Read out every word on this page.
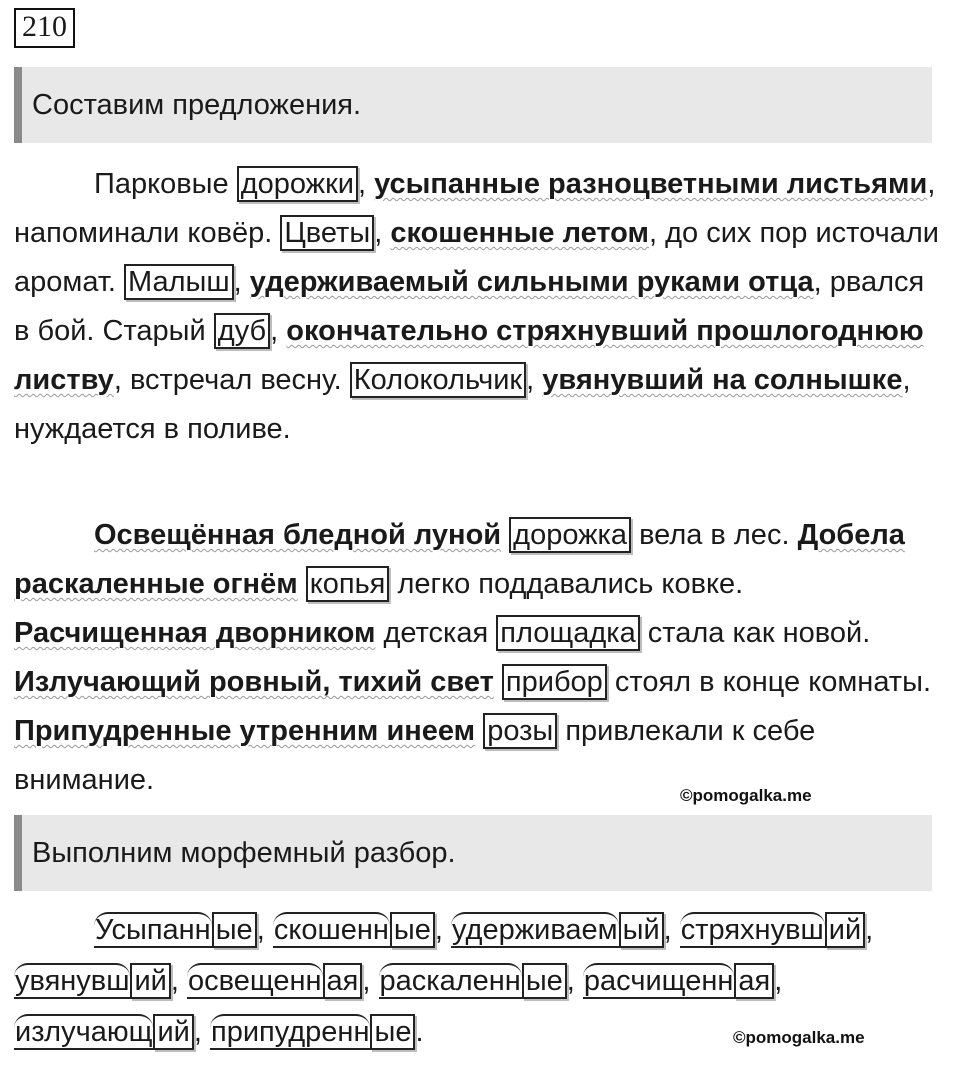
210
Составим предложения.

Парковые дорожки , усыпанные разноцветными листьями, напоминали ковёр. Цветы , скошенные летом, до сих пор источали аромат. Малыш , удерживаемый сильными руками отца, рвался в бой. Старый дуб , окончательно стряхнувший прошлогоднюю листву, встречал весну. Колокольчик , увянувший на солнышке, нуждается в поливе.

Освещённая бледной луной дорожка вела в лес. Добела раскаленные огнём копья легко поддавались ковке. Расчищенная дворником детская площадка стала как новой. Излучающий ровный, тихий свет прибор стоял в конце комнаты. Припудренные утренним инеем розы привлекали к себе внимание.	©pomogalka.me
Выполним морфемный разбор.

Усыпанн ые , скошенн ые , удерживаем ый , стряхнувш ий , увянувш ий , освещенн ая , раскаленн ые , расчищенн ая , излучающ ий , припудренн ые .	©pomogalka.me
